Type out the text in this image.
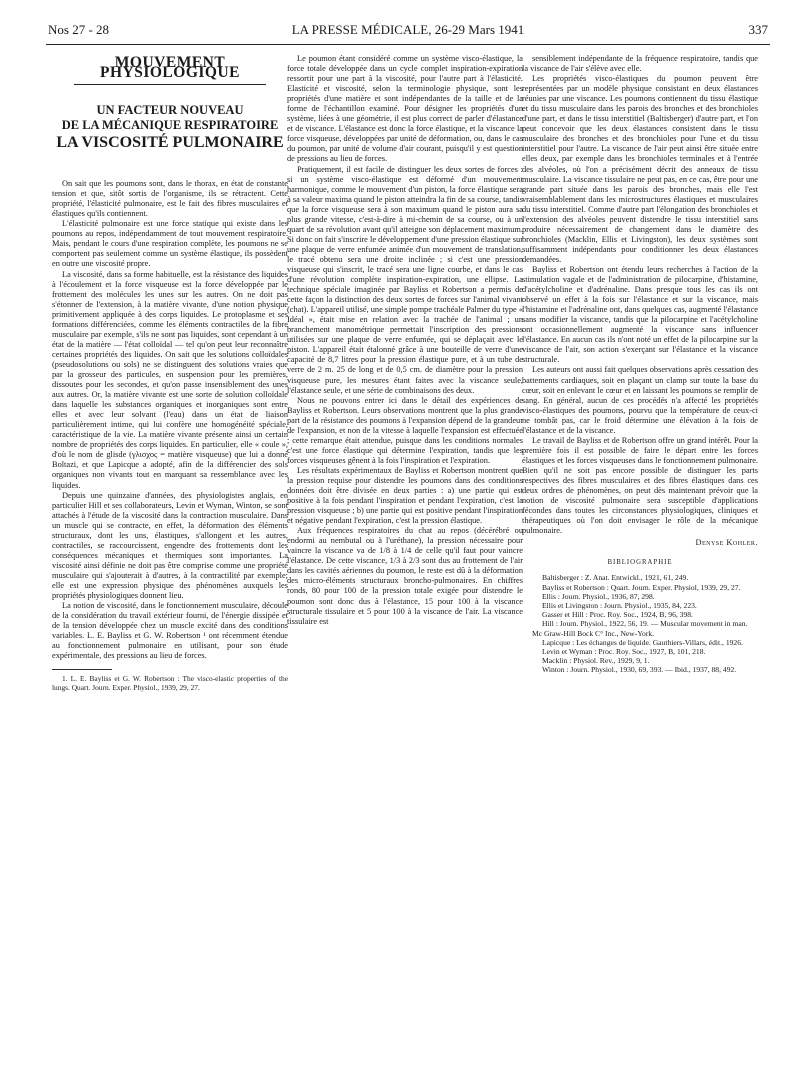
Nos 27 - 28	LA PRESSE MÉDICALE, 26-29 Mars 1941	337
MOUVEMENT PHYSIOLOGIQUE
UN FACTEUR NOUVEAU
DE LA MÉCANIQUE RESPIRATOIRE
LA VISCOSITÉ PULMONAIRE

On sait que les poumons sont, dans le thorax, en état de constante tension et que, sitôt sortis de l'organisme, ils se rétractent. Cette propriété, l'élasticité pulmonaire, est le fait des fibres musculaires et élastiques qu'ils contiennent.

L'élasticité pulmonaire est une force statique qui existe dans les poumons au repos, indépendamment de tout mouvement respiratoire. Mais, pendant le cours d'une respiration complète, les poumons ne se comportent pas seulement comme un système élastique, ils possèdent en outre une viscosité propre.

La viscosité, dans sa forme habituelle, est la résistance des liquides à l'écoulement et la force visqueuse est la force développée par le frottement des molécules les unes sur les autres. On ne doit pas s'étonner de l'extension, à la matière vivante, d'une notion physique primitivement appliquée à des corps liquides. Le protoplasme et ses formations différenciées, comme les éléments contractiles de la fibre musculaire par exemple, s'ils ne sont pas liquides, sont cependant à un état de la matière — l'état colloïdal — tel qu'on peut leur reconnaître certaines propriétés des liquides. On sait que les solutions colloïdales (pseudosolutions ou sols) ne se distinguent des solutions vraies que par la grosseur des particules, en suspension pour les premières, dissoutes pour les secondes, et qu'on passe insensiblement des unes aux autres. Or, la matière vivante est une sorte de solution colloïdale dans laquelle les substances organiques et inorganiques sont entre elles et avec leur solvant (l'eau) dans un état de liaison particulièrement intime, qui lui confère une homogénéité spéciale, caractéristique de la vie. La matière vivante présente ainsi un certain nombre de propriétés des corps liquides. En particulier, elle « coule », d'où le nom de glisde (γλισχος = matière visqueuse) que lui a donné Boltazi, et que Lapicque a adopté, afin de la différencier des sols organiques non vivants tout en marquant sa ressemblance avec les liquides.

Depuis une quinzaine d'années, des physiologistes anglais, en particulier Hill et ses collaborateurs, Levin et Wyman, Winton, se sont attachés à l'étude de la viscosité dans la contraction musculaire. Dans un muscle qui se contracte, en effet, la déformation des éléments structuraux, dont les uns, élastiques, s'allongent et les autres, contractiles, se raccourcissent, engendre des frottements dont les conséquences mécaniques et thermiques sont importantes. La viscosité ainsi définie ne doit pas être comprise comme une propriété musculaire qui s'ajouterait à d'autres, à la contractilité par exemple; elle est une expression physique des phénomènes auxquels les propriétés physiologiques donnent lieu.

La notion de viscosité, dans le fonctionnement musculaire, découle de la considération du travail extérieur fourni, de l'énergie dissipée et de la tension développée chez un muscle excité dans des conditions variables. L. E. Bayliss et G. W. Robertson ¹ ont récemment étendue au fonctionnement pulmonaire en utilisant, pour son étude expérimentale, des pressions au lieu de forces.

1. L. E. Bayliss et G. W. Robertson : The visco-elastic properties of the lungs. Quart. Journ. Exper. Physiol., 1939, 29, 27.

Le poumon étant considéré comme un système visco-élastique, la force totale développée dans un cycle complet inspiration-expiration ressortit pour une part à la viscosité, pour l'autre part à l'élasticité. Elasticité et viscosité, selon la terminologie physique, sont les propriétés d'une matière et sont indépendantes de la taille et de la forme de l'échantillon examiné. Pour désigner les propriétés d'un système, liées à une géométrie, il est plus correct de parler d'élastance et de viscance. L'élastance est donc la force élastique, et la viscance la force visqueuse, développées par unité de déformation, ou, dans le cas du poumon, par unité de volume d'air courant, puisqu'il y est question de pressions au lieu de forces.

Pratiquement, il est facile de distinguer les deux sortes de forces : si un système visco-élastique est déformé d'un mouvement harmonique, comme le mouvement d'un piston, la force élastique sera à sa valeur maxima quand le piston atteindra la fin de sa course, tandis que la force visqueuse sera à son maximum quand le piston aura sa plus grande vitesse, c'est-à-dire à mi-chemin de sa course, ou à un quart de sa révolution avant qu'il atteigne son déplacement maximum. Si donc on fait s'inscrire le développement d'une pression élastique sur une plaque de verre enfumée animée d'un mouvement de translation, le tracé obtenu sera une droite inclinée ; si c'est une pression visqueuse qui s'inscrit, le tracé sera une ligne courbe, et dans le cas d'une révolution complète inspiration-expiration, une ellipse. La technique spéciale imaginée par Bayliss et Robertson a permis de cette façon la distinction des deux sortes de forces sur l'animal vivant (chat). L'appareil utilisé, une simple pompe trachéale Palmer du type « Idéal », était mise en relation avec la trachée de l'animal ; un branchement manométrique permettait l'inscription des pressions utilisées sur une plaque de verre enfumée, qui se déplaçait avec le piston. L'appareil était étalonné grâce à une bouteille de verre d'une capacité de 8,7 litres pour la pression élastique pure, et à un tube de verre de 2 m. 25 de long et de 0,5 cm. de diamètre pour la pression visqueuse pure, les mesures étant faites avec la viscance seule, l'élastance seule, et une série de combinaisons des deux.

Nous ne pouvons entrer ici dans le détail des expériences de Bayliss et Robertson. Leurs observations montrent que la plus grande part de la résistance des poumons à l'expansion dépend de la grandeur de l'expansion, et non de la vitesse à laquelle l'expansion est effectuée ; cette remarque était attendue, puisque dans les conditions normales c'est une force élastique qui détermine l'expiration, tandis que les forces visqueuses gênent à la fois l'inspiration et l'expiration.

Les résultats expérimentaux de Bayliss et Robertson montrent que la pression requise pour distendre les poumons dans des conditions données doit être divisée en deux parties : a) une partie qui est positive à la fois pendant l'inspiration et pendant l'expiration, c'est la pression visqueuse ; b) une partie qui est positive pendant l'inspiration et négative pendant l'expiration, c'est la pression élastique.

Aux fréquences respiratoires du chat au repos (décérébré ou endormi au nembutal ou à l'uréthane), la pression nécessaire pour vaincre la viscance va de 1/8 à 1/4 de celle qu'il faut pour vaincre l'élastance. De cette viscance, 1/3 à 2/3 sont dus au frottement de l'air dans les cavités aériennes du poumon, le reste est dû à la déformation des micro-éléments structuraux broncho-pulmonaires. En chiffres ronds, 80 pour 100 de la pression totale exigée pour distendre le poumon sont donc dus à l'élastance, 15 pour 100 à la viscance structurale tissulaire et 5 pour 100 à la viscance de l'air. La viscance tissulaire est

sensiblement indépendante de la fréquence respiratoire, tandis que la viscance de l'air s'élève avec elle.

Les propriétés visco-élastiques du poumon peuvent être représentées par un modèle physique consistant en deux élastances réunies par une viscance. Les poumons contiennent du tissu élastique et du tissu musculaire dans les parois des bronches et des bronchioles d'une part, et dans le tissu interstitiel (Baltisberger) d'autre part, et l'on peut concevoir que les deux élastances consistent dans le tissu musculaire des bronches et des bronchioles pour l'une et du tissu interstitiel pour l'autre. La viscance de l'air peut ainsi être située entre elles deux, par exemple dans les bronchioles terminales et à l'entrée des alvéoles, où l'on a précisément décrit des anneaux de tissu musculaire. La viscance tissulaire ne peut pas, en ce cas, être pour une grande part située dans les parois des bronches, mais elle l'est vraisemblablement dans les microstructures élastiques et musculaires du tissu interstitiel. Comme d'autre part l'élongation des bronchioles et l'extension des alvéoles peuvent distendre le tissu interstitiel sans produire nécessairement de changement dans le diamètre des bronchioles (Macklin, Ellis et Livingston), les deux systèmes sont suffisamment indépendants pour conditionner les deux élastances demandées.

Bayliss et Robertson ont étendu leurs recherches à l'action de la stimulation vagale et de l'administration de pilocarpine, d'histamine, d'acétylcholine et d'adrénaline. Dans presque tous les cas ils ont observé un effet à la fois sur l'élastance et sur la viscance, mais l'histamine et l'adrénaline ont, dans quelques cas, augmenté l'élastance sans modifier la viscance, tandis que la pilocarpine et l'acétylcholine ont occasionnellement augmenté la viscance sans influencer l'élastance. En aucun cas ils n'ont noté un effet de la pilocarpine sur la viscance de l'air, son action s'exerçant sur l'élastance et la viscance structurale.

Les auteurs ont aussi fait quelques observations après cessation des battements cardiaques, soit en plaçant un clamp sur toute la base du cœur, soit en enlevant le cœur et en laissant les poumons se remplir de sang. En général, aucun de ces procédés n'a affecté les propriétés visco-élastiques des poumons, pourvu que la température de ceux-ci ne tombât pas, car le froid détermine une élévation à la fois de l'élastance et de la viscance.

Le travail de Bayliss et de Robertson offre un grand intérêt. Pour la première fois il est possible de faire le départ entre les forces élastiques et les forces visqueuses dans le fonctionnement pulmonaire. Bien qu'il ne soit pas encore possible de distinguer les parts respectives des fibres musculaires et des fibres élastiques dans ces deux ordres de phénomènes, on peut dès maintenant prévoir que la notion de viscosité pulmonaire sera susceptible d'applications fécondes dans toutes les circonstances physiologiques, cliniques et thérapeutiques où l'on doit envisager le rôle de la mécanique pulmonaire.

Denyse Kohler.
BIBLIOGRAPHIE

Baltisberger : Z. Anat. Entwickl., 1921, 61, 249.

Bayliss et Robertson : Quart. Journ. Exper. Physiol, 1939, 29, 27.

Ellis : Journ. Physiol., 1936, 87, 298.

Ellis et Livingston : Journ. Physiol., 1935, 84, 223.

Gasser et Hill : Proc. Roy. Soc., 1924, B, 96, 398.

Hill : Journ. Physiol., 1922, 56, 19. — Muscular movement in man. Mc Graw-Hill Bock C° Inc., New-York.

Lapicque : Les échanges de liquide. Gauthiers-Villars, édit., 1926.

Levin et Wyman : Proc. Roy. Soc., 1927, B, 101, 218.

Macklin : Physiol. Rev., 1929, 9, 1.

Winton : Journ. Physiol., 1930, 69, 393. — Ibid., 1937, 88, 492.
